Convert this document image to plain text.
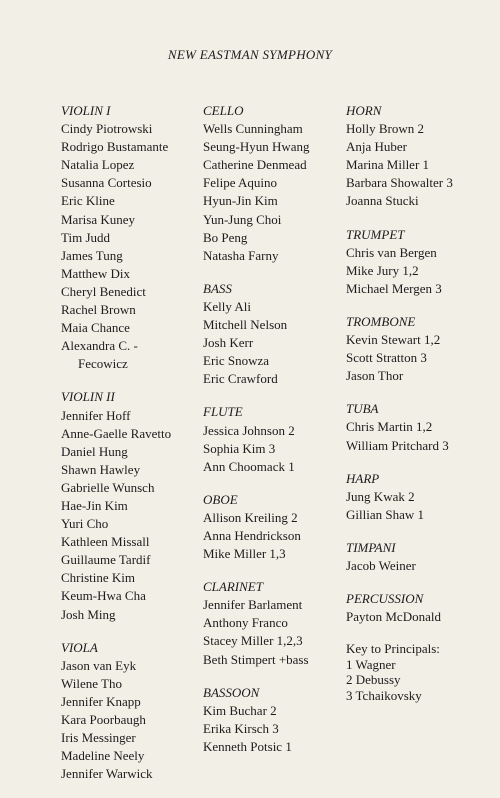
NEW EASTMAN SYMPHONY
VIOLIN I
Cindy Piotrowski
Rodrigo Bustamante
Natalia Lopez
Susanna Cortesio
Eric Kline
Marisa Kuney
Tim Judd
James Tung
Matthew Dix
Cheryl Benedict
Rachel Brown
Maia Chance
Alexandra C. -
Fecowicz
VIOLIN II
Jennifer Hoff
Anne-Gaelle Ravetto
Daniel Hung
Shawn Hawley
Gabrielle Wunsch
Hae-Jin Kim
Yuri Cho
Kathleen Missall
Guillaume Tardif
Christine Kim
Keum-Hwa Cha
Josh Ming
VIOLA
Jason van Eyk
Wilene Tho
Jennifer Knapp
Kara Poorbaugh
Iris Messinger
Madeline Neely
Jennifer Warwick
CELLO
Wells Cunningham
Seung-Hyun Hwang
Catherine Denmead
Felipe Aquino
Hyun-Jin Kim
Yun-Jung Choi
Bo Peng
Natasha Farny
BASS
Kelly Ali
Mitchell Nelson
Josh Kerr
Eric Snowza
Eric Crawford
FLUTE
Jessica Johnson 2
Sophia Kim 3
Ann Choomack 1
OBOE
Allison Kreiling 2
Anna Hendrickson
Mike Miller 1,3
CLARINET
Jennifer Barlament
Anthony Franco
Stacey Miller 1,2,3
Beth Stimpert +bass
BASSOON
Kim Buchar 2
Erika Kirsch 3
Kenneth Potsic 1
HORN
Holly Brown 2
Anja Huber
Marina Miller 1
Barbara Showalter 3
Joanna Stucki
TRUMPET
Chris van Bergen
Mike Jury 1,2
Michael Mergen 3
TROMBONE
Kevin Stewart 1,2
Scott Stratton 3
Jason Thor
TUBA
Chris Martin 1,2
William Pritchard 3
HARP
Jung Kwak 2
Gillian Shaw 1
TIMPANI
Jacob Weiner
PERCUSSION
Payton McDonald
Key to Principals:
1 Wagner
2 Debussy
3 Tchaikovsky
